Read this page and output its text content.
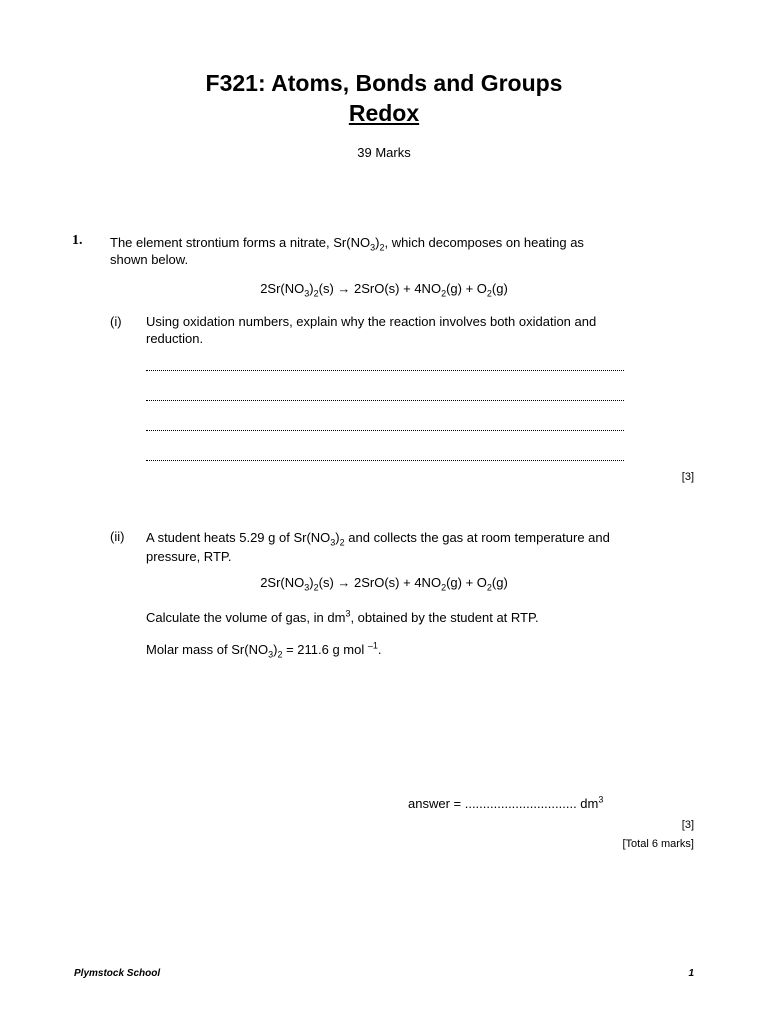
F321: Atoms, Bonds and Groups
Redox
39 Marks
1. The element strontium forms a nitrate, $Sr(NO_3)_2$, which decomposes on heating as
shown below.
$2Sr(NO_3)_2(s) \to 2SrO(s) + 4NO_2(g) + O_2(g)$
(i) Using oxidation numbers, explain why the reaction involves both oxidation and
reduction.
[3]
(ii) A student heats 5.29 g of $Sr(NO_3)_2$ and collects the gas at room temperature and
pressure, RTP.
$2Sr(NO_3)_2(s) \to 2SrO(s) + 4NO_2(g) + O_2(g)$
Calculate the volume of gas, in $dm^3$, obtained by the student at RTP.
Molar mass of $Sr(NO_3)_2 = 211.6$ g mol $^{-1}$.
answer = ............................... $dm^3$
[3]
[Total 6 marks]
Plymstock School	1
